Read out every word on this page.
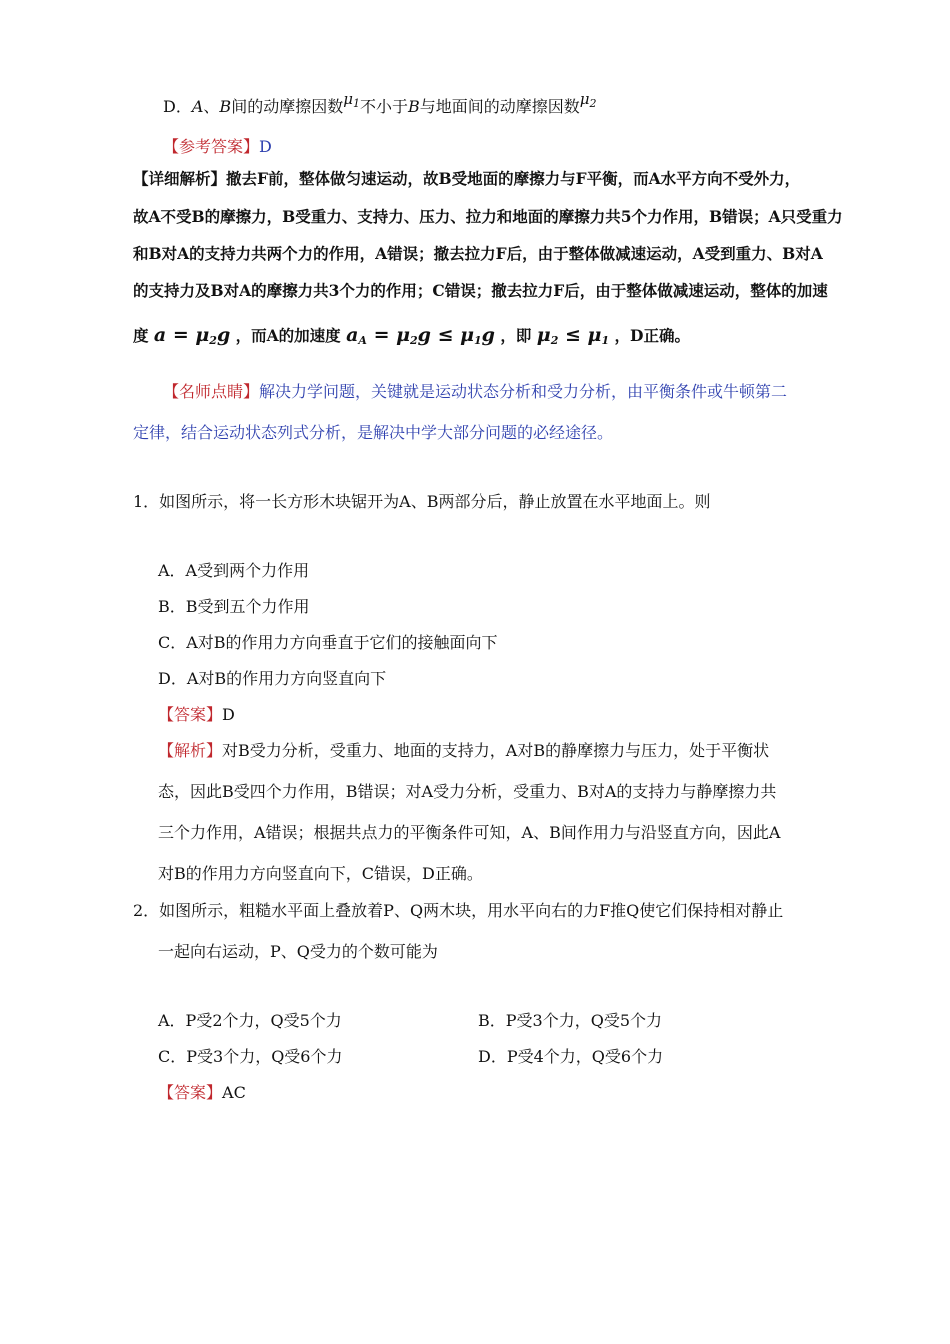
D．A、B间的动摩擦因数$^{\mu_1}$不小于B与地面间的动摩擦因数$^{\mu_2}$
【参考答案】D
【详细解析】撤去F前，整体做匀速运动，故B受地面的摩擦力与F平衡，而A水平方向不受外力，
故A不受B的摩擦力，B受重力、支持力、压力、拉力和地面的摩擦力共5个力作用，B错误；A只受重力
和B对A的支持力共两个力的作用，A错误；撤去拉力F后，由于整体做减速运动，A受到重力、B对A
的支持力及B对A的摩擦力共3个力的作用；C错误；撤去拉力F后，由于整体做减速运动，整体的加速
度 $a = \mu_2g$ ，而A的加速度 $a_A = \mu_2g \le \mu_1g$ ，即 $\mu_2 \le \mu_1$ ，D正确。
【名师点睛】解决力学问题，关键就是运动状态分析和受力分析，由平衡条件或牛顿第二
定律，结合运动状态列式分析，是解决中学大部分问题的必经途径。
1．如图所示，将一长方形木块锯开为A、B两部分后，静止放置在水平地面上。则
A．A受到两个力作用
B．B受到五个力作用
C．A对B的作用力方向垂直于它们的接触面向下
D．A对B的作用力方向竖直向下
【答案】D
【解析】对B受力分析，受重力、地面的支持力，A对B的静摩擦力与压力，处于平衡状
态，因此B受四个力作用，B错误；对A受力分析，受重力、B对A的支持力与静摩擦力共
三个力作用，A错误；根据共点力的平衡条件可知，A、B间作用力与沿竖直方向，因此A
对B的作用力方向竖直向下，C错误，D正确。
2．如图所示，粗糙水平面上叠放着P、Q两木块，用水平向右的力F推Q使它们保持相对静止
一起向右运动，P、Q受力的个数可能为
A．P受2个力，Q受5个力	B．P受3个力，Q受5个力
C．P受3个力，Q受6个力	D．P受4个力，Q受6个力
【答案】AC
